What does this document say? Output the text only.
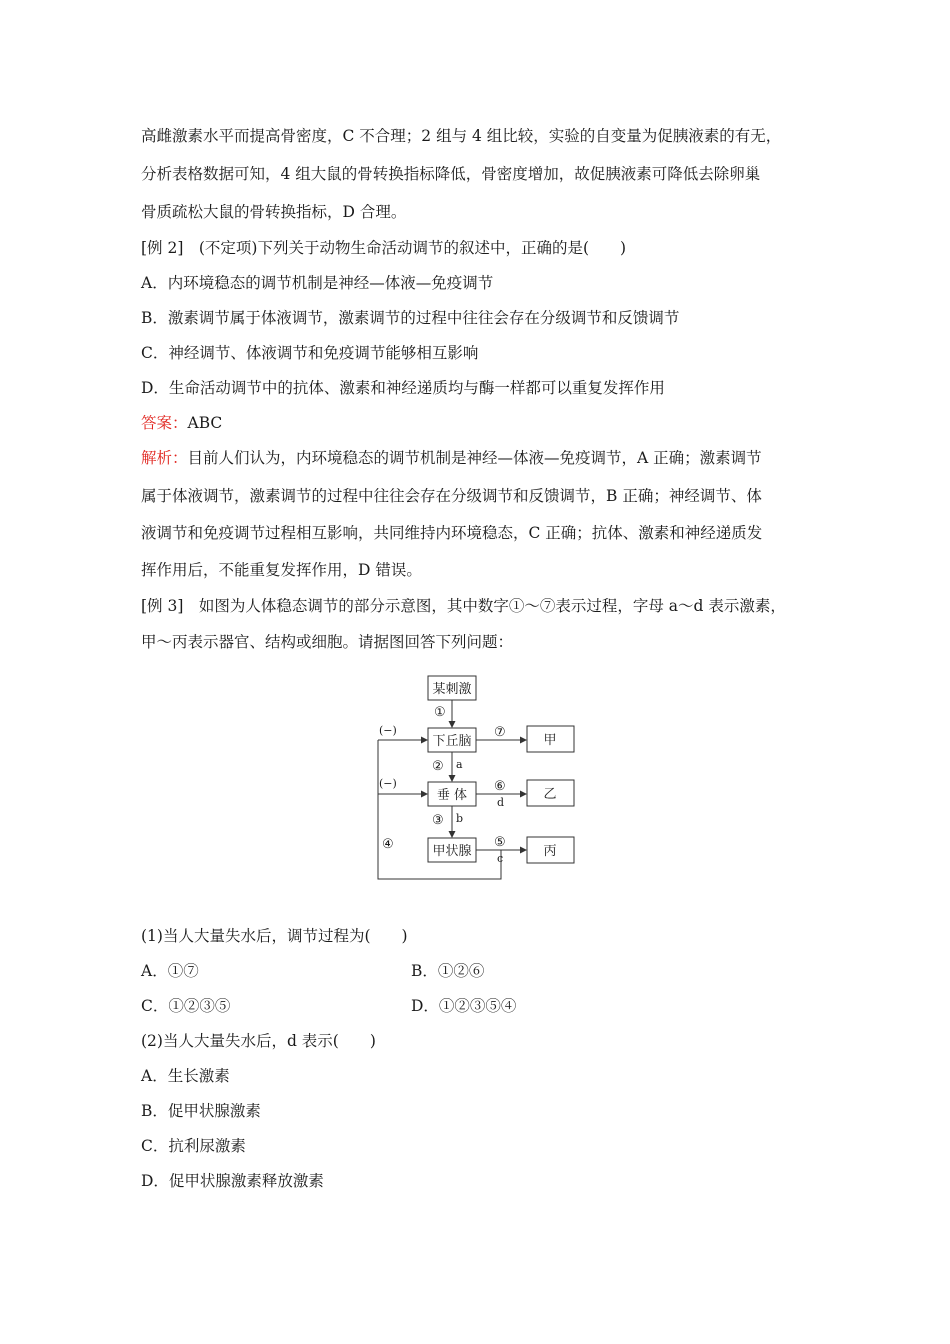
高雌激素水平而提高骨密度，C 不合理；2 组与 4 组比较，实验的自变量为促胰液素的有无，
分析表格数据可知，4 组大鼠的骨转换指标降低，骨密度增加，故促胰液素可降低去除卵巢
骨质疏松大鼠的骨转换指标，D 合理。
[例 2]　(不定项)下列关于动物生命活动调节的叙述中，正确的是(　　)
A．内环境稳态的调节机制是神经—体液—免疫调节
B．激素调节属于体液调节，激素调节的过程中往往会存在分级调节和反馈调节
C．神经调节、体液调节和免疫调节能够相互影响
D．生命活动调节中的抗体、激素和神经递质均与酶一样都可以重复发挥作用
答案：ABC
解析：目前人们认为，内环境稳态的调节机制是神经—体液—免疫调节，A 正确；激素调节
属于体液调节，激素调节的过程中往往会存在分级调节和反馈调节，B 正确；神经调节、体
液调节和免疫调节过程相互影响，共同维持内环境稳态，C 正确；抗体、激素和神经递质发
挥作用后，不能重复发挥作用，D 错误。
[例 3]　如图为人体稳态调节的部分示意图，其中数字①～⑦表示过程，字母 a～d 表示激素，
甲～丙表示器官、结构或细胞。请据图回答下列问题：
某刺激
下丘脑
垂 体
甲状腺
甲
乙
丙
①
②
③
④	⑤
⑥
⑦
a
b
c
d
(−)
(−)
(1)当人大量失水后，调节过程为(　　)
A．①⑦	B．①②⑥
C．①②③⑤	D．①②③⑤④
(2)当人大量失水后，d 表示(　　)
A．生长激素
B．促甲状腺激素
C．抗利尿激素
D．促甲状腺激素释放激素
